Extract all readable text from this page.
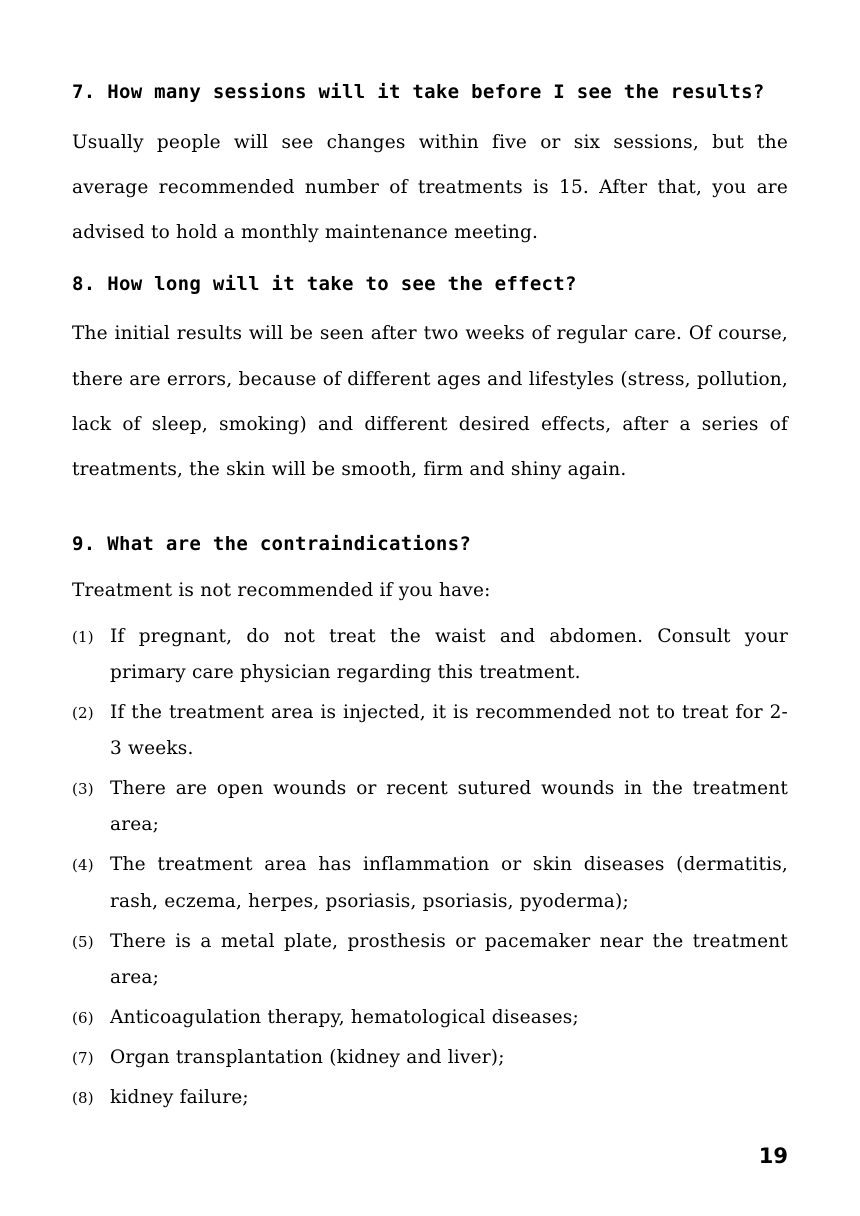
7. How many sessions will it take before I see the results?

Usually people will see changes within five or six sessions, but the average recommended number of treatments is 15. After that, you are advised to hold a monthly maintenance meeting.

8. How long will it take to see the effect?

The initial results will be seen after two weeks of regular care. Of course, there are errors, because of different ages and lifestyles (stress, pollution, lack of sleep, smoking) and different desired effects, after a series of treatments, the skin will be smooth, firm and shiny again.

9. What are the contraindications?

Treatment is not recommended if you have:

(1) If pregnant, do not treat the waist and abdomen. Consult your primary care physician regarding this treatment.
(2) If the treatment area is injected, it is recommended not to treat for 2-3 weeks.
(3) There are open wounds or recent sutured wounds in the treatment area;
(4) The treatment area has inflammation or skin diseases (dermatitis, rash, eczema, herpes, psoriasis, psoriasis, pyoderma);
(5) There is a metal plate, prosthesis or pacemaker near the treatment area;
(6) Anticoagulation therapy, hematological diseases;
(7) Organ transplantation (kidney and liver);
(8) kidney failure;
19
